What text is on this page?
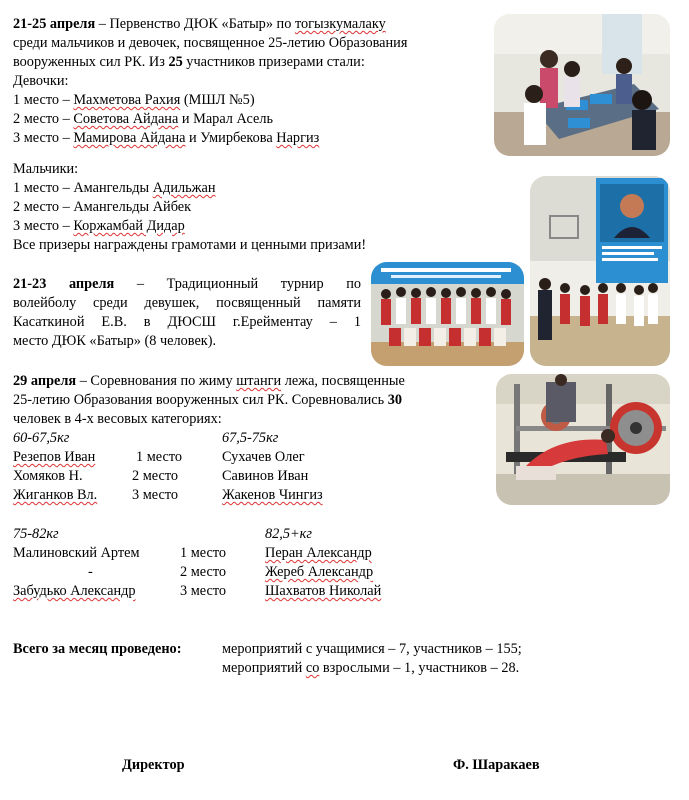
21-25 апреля – Первенство ДЮК «Батыр» по тогызкумалаку
среди мальчиков и девочек, посвященное 25-летию Образования
вооруженных сил РК. Из 25 участников призерами стали:
Девочки:
1 место – Махметова Рахия (МШЛ №5)
2 место – Советова Айдана и Марал Асель
3 место – Мамирова Айдана и Умирбекова Наргиз
Мальчики:
1 место – Амангельды Адильжан
2 место – Амангельды Айбек
3 место – Коржамбай Дидар
Все призеры награждены грамотами и ценными призами!
21-23 апреля – Традиционный турнир по
волейболу среди девушек, посвященный памяти
Касаткиной Е.В. в ДЮСШ г.Ерейментау – 1
место ДЮК «Батыр» (8 человек).
29 апреля – Соревнования по жиму штанги лежа, посвященные
25-летию Образования вооруженных сил РК. Соревновались 30
человек в 4-х весовых категориях:
60-67,5кг	67,5-75кг
Резепов Иван	1 место	Сухачев Олег
Хомяков Н.	2 место	Савинов Иван
Жиганков Вл. 3 место	Жакенов Чингиз
75-82кг	82,5+кг
Малиновский Артем	1 место	Перан Александр
-	2 место	Жереб Александр
Забудько Александр	3 место	Шахватов Николай
Всего за месяц проведено:	мероприятий с учащимися – 7, участников – 155;
мероприятий со взрослыми – 1, участников – 28.
Директор	Ф. Шаракаев
